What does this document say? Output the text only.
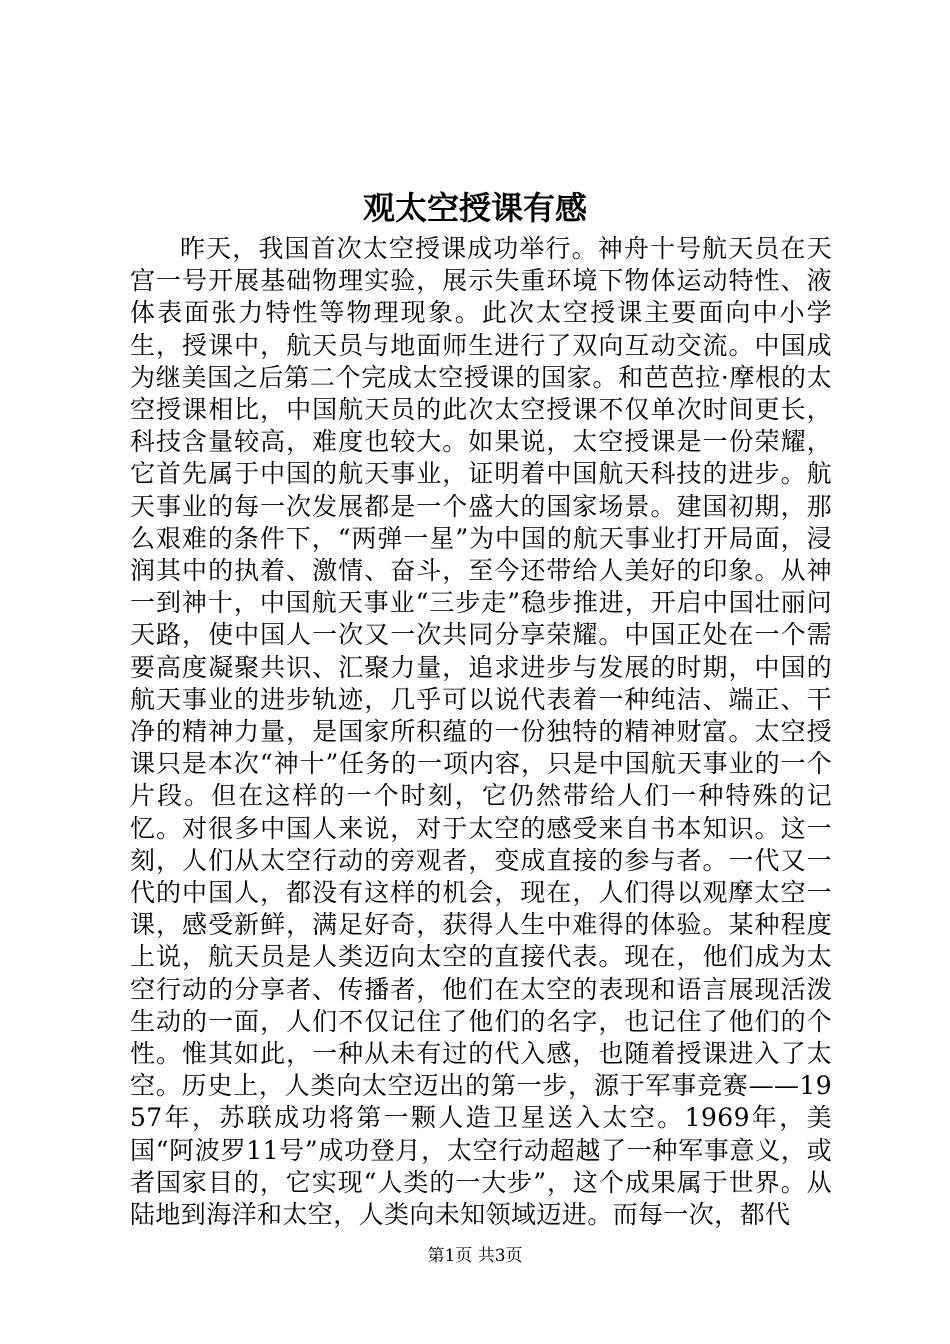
观太空授课有感

昨天，我国首次太空授课成功举行。神舟十号航天员在天宫一号开展基础物理实验，展示失重环境下物体运动特性、液体表面张力特性等物理现象。此次太空授课主要面向中小学生，授课中，航天员与地面师生进行了双向互动交流。中国成为继美国之后第二个完成太空授课的国家。和芭芭拉·摩根的太空授课相比，中国航天员的此次太空授课不仅单次时间更长，科技含量较高，难度也较大。如果说，太空授课是一份荣耀，它首先属于中国的航天事业，证明着中国航天科技的进步。航天事业的每一次发展都是一个盛大的国家场景。建国初期，那么艰难的条件下，“两弹一星”为中国的航天事业打开局面，浸润其中的执着、激情、奋斗，至今还带给人美好的印象。从神一到神十，中国航天事业“三步走”稳步推进，开启中国壮丽问天路，使中国人一次又一次共同分享荣耀。中国正处在一个需要高度凝聚共识、汇聚力量，追求进步与发展的时期，中国的航天事业的进步轨迹，几乎可以说代表着一种纯洁、端正、干净的精神力量，是国家所积蕴的一份独特的精神财富。太空授课只是本次“神十”任务的一项内容，只是中国航天事业的一个片段。但在这样的一个时刻，它仍然带给人们一种特殊的记忆。对很多中国人来说，对于太空的感受来自书本知识。这一刻，人们从太空行动的旁观者，变成直接的参与者。一代又一代的中国人，都没有这样的机会，现在，人们得以观摩太空一课，感受新鲜，满足好奇，获得人生中难得的体验。某种程度上说，航天员是人类迈向太空的直接代表。现在，他们成为太空行动的分享者、传播者，他们在太空的表现和语言展现活泼生动的一面，人们不仅记住了他们的名字，也记住了他们的个性。惟其如此，一种从未有过的代入感，也随着授课进入了太空。历史上，人类向太空迈出的第一步，源于军事竞赛——1957年，苏联成功将第一颗人造卫星送入太空。1969年，美国“阿波罗11号”成功登月，太空行动超越了一种军事意义，或者国家目的，它实现“人类的一大步”，这个成果属于世界。从陆地到海洋和太空，人类向未知领域迈进。而每一次，都代

第1页 共3页
